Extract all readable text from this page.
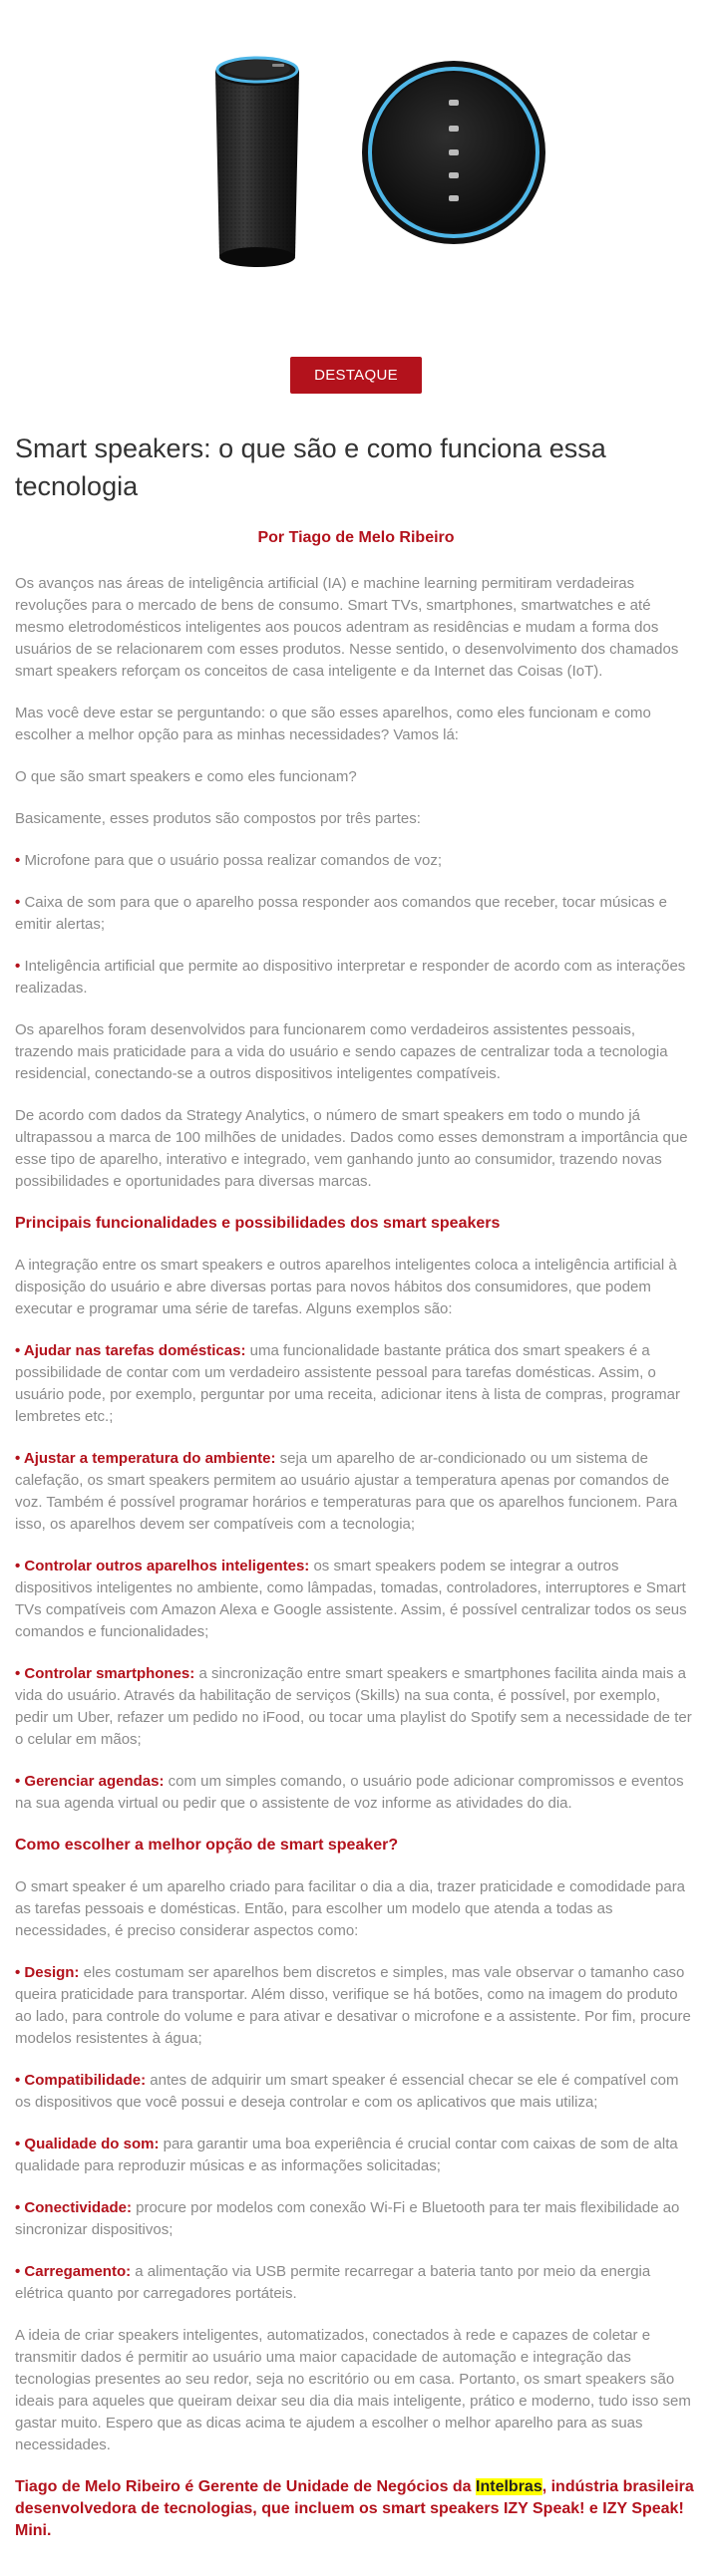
DESTAQUE
Smart speakers: o que são e como funciona essa tecnologia

Por Tiago de Melo Ribeiro

Os avanços nas áreas de inteligência artificial (IA) e machine learning permitiram verdadeiras revoluções para o mercado de bens de consumo. Smart TVs, smartphones, smartwatches e até mesmo eletrodomésticos inteligentes aos poucos adentram as residências e mudam a forma dos usuários de se relacionarem com esses produtos. Nesse sentido, o desenvolvimento dos chamados smart speakers reforçam os conceitos de casa inteligente e da Internet das Coisas (IoT).

Mas você deve estar se perguntando: o que são esses aparelhos, como eles funcionam e como escolher a melhor opção para as minhas necessidades? Vamos lá:

O que são smart speakers e como eles funcionam?

Basicamente, esses produtos são compostos por três partes:

• Microfone para que o usuário possa realizar comandos de voz;

• Caixa de som para que o aparelho possa responder aos comandos que receber, tocar músicas e emitir alertas;

• Inteligência artificial que permite ao dispositivo interpretar e responder de acordo com as interações realizadas.

Os aparelhos foram desenvolvidos para funcionarem como verdadeiros assistentes pessoais, trazendo mais praticidade para a vida do usuário e sendo capazes de centralizar toda a tecnologia residencial, conectando-se a outros dispositivos inteligentes compatíveis.

De acordo com dados da Strategy Analytics, o número de smart speakers em todo o mundo já ultrapassou a marca de 100 milhões de unidades. Dados como esses demonstram a importância que esse tipo de aparelho, interativo e integrado, vem ganhando junto ao consumidor, trazendo novas possibilidades e oportunidades para diversas marcas.

Principais funcionalidades e possibilidades dos smart speakers

A integração entre os smart speakers e outros aparelhos inteligentes coloca a inteligência artificial à disposição do usuário e abre diversas portas para novos hábitos dos consumidores, que podem executar e programar uma série de tarefas. Alguns exemplos são:

• Ajudar nas tarefas domésticas: uma funcionalidade bastante prática dos smart speakers é a possibilidade de contar com um verdadeiro assistente pessoal para tarefas domésticas. Assim, o usuário pode, por exemplo, perguntar por uma receita, adicionar itens à lista de compras, programar lembretes etc.;

• Ajustar a temperatura do ambiente: seja um aparelho de ar-condicionado ou um sistema de calefação, os smart speakers permitem ao usuário ajustar a temperatura apenas por comandos de voz. Também é possível programar horários e temperaturas para que os aparelhos funcionem. Para isso, os aparelhos devem ser compatíveis com a tecnologia;

• Controlar outros aparelhos inteligentes: os smart speakers podem se integrar a outros dispositivos inteligentes no ambiente, como lâmpadas, tomadas, controladores, interruptores e Smart TVs compatíveis com Amazon Alexa e Google assistente. Assim, é possível centralizar todos os seus comandos e funcionalidades;

• Controlar smartphones: a sincronização entre smart speakers e smartphones facilita ainda mais a vida do usuário. Através da habilitação de serviços (Skills) na sua conta, é possível, por exemplo, pedir um Uber, refazer um pedido no iFood, ou tocar uma playlist do Spotify sem a necessidade de ter o celular em mãos;

• Gerenciar agendas: com um simples comando, o usuário pode adicionar compromissos e eventos na sua agenda virtual ou pedir que o assistente de voz informe as atividades do dia.

Como escolher a melhor opção de smart speaker?

O smart speaker é um aparelho criado para facilitar o dia a dia, trazer praticidade e comodidade para as tarefas pessoais e domésticas. Então, para escolher um modelo que atenda a todas as necessidades, é preciso considerar aspectos como:

• Design: eles costumam ser aparelhos bem discretos e simples, mas vale observar o tamanho caso queira praticidade para transportar. Além disso, verifique se há botões, como na imagem do produto ao lado, para controle do volume e para ativar e desativar o microfone e a assistente. Por fim, procure modelos resistentes à água;

• Compatibilidade: antes de adquirir um smart speaker é essencial checar se ele é compatível com os dispositivos que você possui e deseja controlar e com os aplicativos que mais utiliza;

• Qualidade do som: para garantir uma boa experiência é crucial contar com caixas de som de alta qualidade para reproduzir músicas e as informações solicitadas;

• Conectividade: procure por modelos com conexão Wi-Fi e Bluetooth para ter mais flexibilidade ao sincronizar dispositivos;

• Carregamento: a alimentação via USB permite recarregar a bateria tanto por meio da energia elétrica quanto por carregadores portáteis.

A ideia de criar speakers inteligentes, automatizados, conectados à rede e capazes de coletar e transmitir dados é permitir ao usuário uma maior capacidade de automação e integração das tecnologias presentes ao seu redor, seja no escritório ou em casa. Portanto, os smart speakers são ideais para aqueles que queiram deixar seu dia dia mais inteligente, prático e moderno, tudo isso sem gastar muito. Espero que as dicas acima te ajudem a escolher o melhor aparelho para as suas necessidades.

Tiago de Melo Ribeiro é Gerente de Unidade de Negócios da Intelbras, indústria brasileira desenvolvedora de tecnologias, que incluem os smart speakers IZY Speak! e IZY Speak! Mini.
